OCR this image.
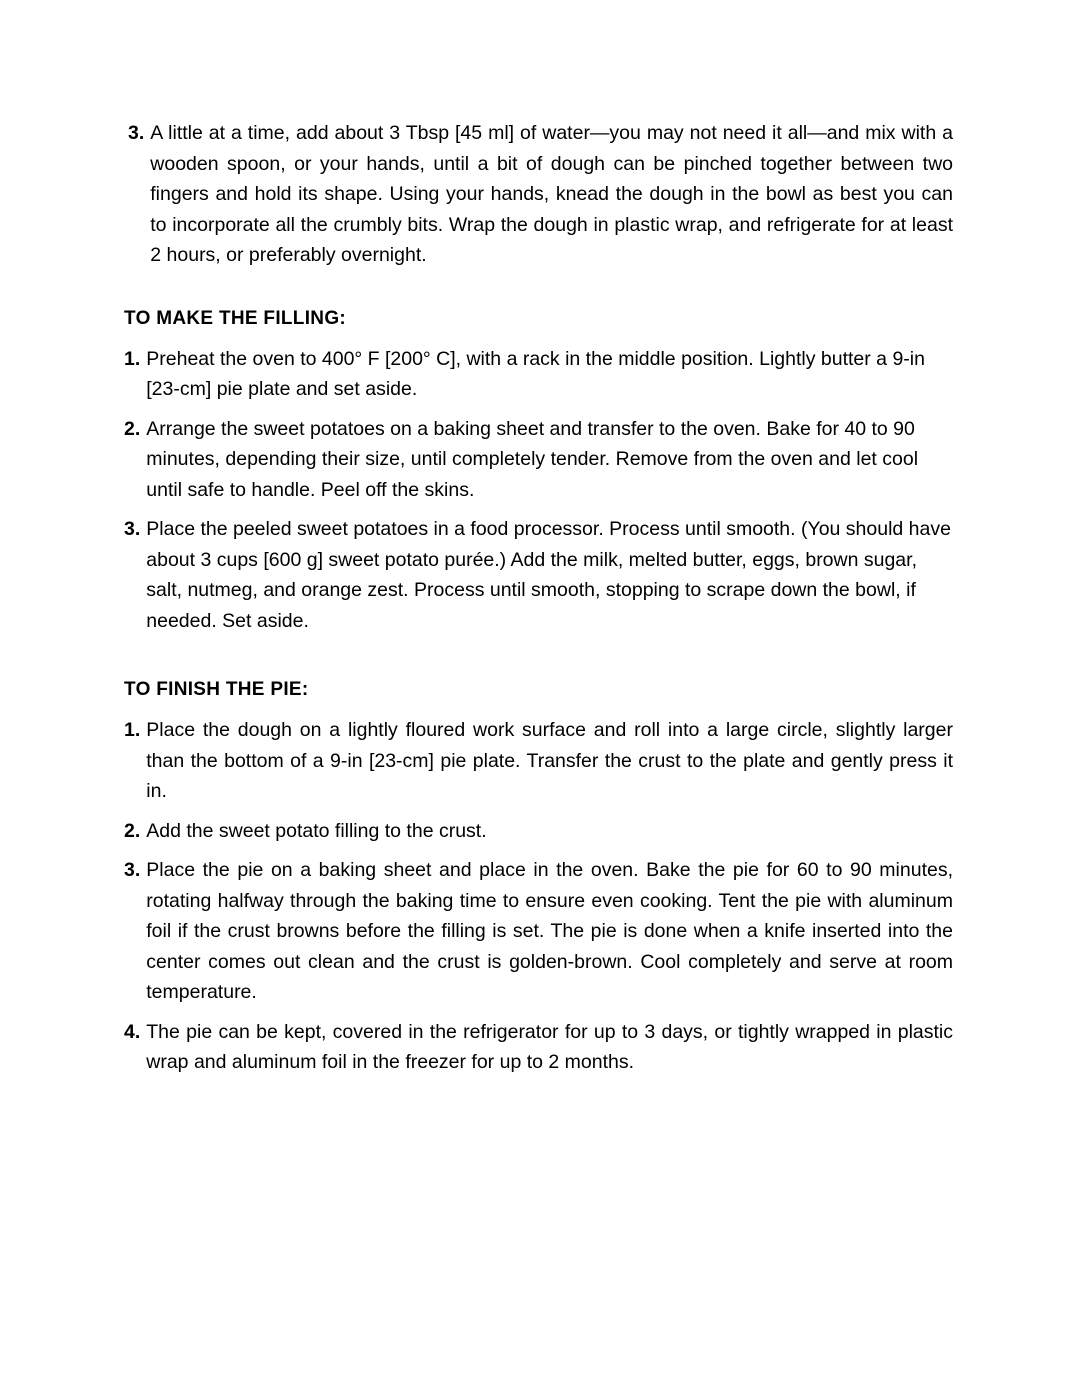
3. A little at a time, add about 3 Tbsp [45 ml] of water—you may not need it all—and mix with a wooden spoon, or your hands, until a bit of dough can be pinched together between two fingers and hold its shape. Using your hands, knead the dough in the bowl as best you can to incorporate all the crumbly bits. Wrap the dough in plastic wrap, and refrigerate for at least 2 hours, or preferably overnight.
TO MAKE THE FILLING:
1. Preheat the oven to 400° F [200° C], with a rack in the middle position. Lightly butter a 9-in [23-cm] pie plate and set aside.
2. Arrange the sweet potatoes on a baking sheet and transfer to the oven. Bake for 40 to 90 minutes, depending their size, until completely tender. Remove from the oven and let cool until safe to handle. Peel off the skins.
3. Place the peeled sweet potatoes in a food processor. Process until smooth. (You should have about 3 cups [600 g] sweet potato purée.) Add the milk, melted butter, eggs, brown sugar, salt, nutmeg, and orange zest. Process until smooth, stopping to scrape down the bowl, if needed. Set aside.
TO FINISH THE PIE:
1. Place the dough on a lightly floured work surface and roll into a large circle, slightly larger than the bottom of a 9-in [23-cm] pie plate. Transfer the crust to the plate and gently press it in.
2. Add the sweet potato filling to the crust.
3. Place the pie on a baking sheet and place in the oven. Bake the pie for 60 to 90 minutes, rotating halfway through the baking time to ensure even cooking. Tent the pie with aluminum foil if the crust browns before the filling is set. The pie is done when a knife inserted into the center comes out clean and the crust is golden-brown. Cool completely and serve at room temperature.
4. The pie can be kept, covered in the refrigerator for up to 3 days, or tightly wrapped in plastic wrap and aluminum foil in the freezer for up to 2 months.
